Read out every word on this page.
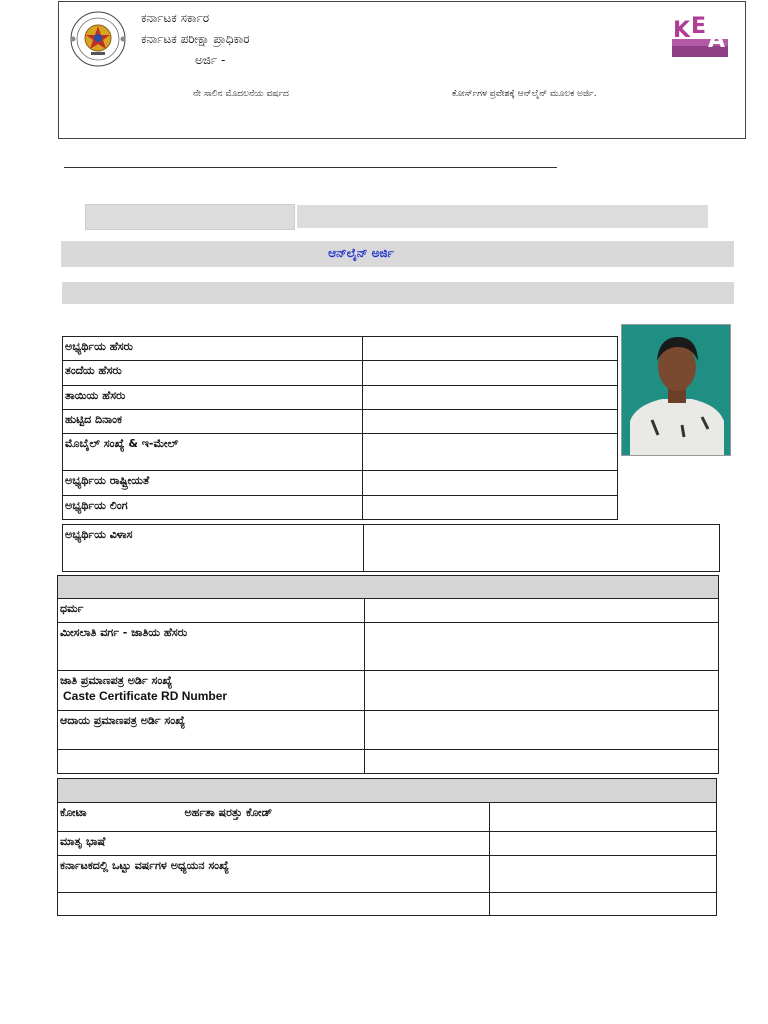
ಕರ್ನಾಟಕ ಸರ್ಕಾರ
ಕರ್ನಾಟಕ ಪರೀಕ್ಷಾ ಪ್ರಾಧಿಕಾರ
ಅರ್ಜಿ -
ನೇ ಸಾಲಿನ ಮೊದಲನೆಯ ವರ್ಷದ	ಕೋರ್ಸ್‌ಗಳ ಪ್ರವೇಶಕ್ಕೆ ಆನ್‌ಲೈನ್ ಮೂಲಕ ಅರ್ಜಿ.
K E
A
ಆನ್‌ಲೈನ್ ಅರ್ಜಿ
ಅಭ್ಯರ್ಥಿಯ ಹೆಸರು	
ತಂದೆಯ ಹೆಸರು	
ತಾಯಿಯ ಹೆಸರು	
ಹುಟ್ಟಿದ ದಿನಾಂಕ	
ಮೊಬೈಲ್ ಸಂಖ್ಯೆ & ಇ-ಮೇಲ್	
ಅಭ್ಯರ್ಥಿಯ ರಾಷ್ಟ್ರೀಯತೆ	
ಅಭ್ಯರ್ಥಿಯ ಲಿಂಗ	
ಅಭ್ಯರ್ಥಿಯ ವಿಳಾಸ	

ಧರ್ಮ	
ಮೀಸಲಾತಿ ವರ್ಗ - ಜಾತಿಯ ಹೆಸರು	
ಜಾತಿ ಪ್ರಮಾಣಪತ್ರ ಅರ್ಡಿ ಸಂಖ್ಯೆ
Caste Certificate RD Number	

ಆದಾಯ ಪ್ರಮಾಣಪತ್ರ ಅರ್ಡಿ ಸಂಖ್ಯೆ	

ಕೋಟಾ ಅರ್ಹತಾ ಷರತ್ತು ಕೋಡ್	
ಮಾತೃ ಭಾಷೆ	
ಕರ್ನಾಟಕದಲ್ಲಿ ಒಟ್ಟು ವರ್ಷಗಳ ಅಧ್ಯಯನ ಸಂಖ್ಯೆ	
